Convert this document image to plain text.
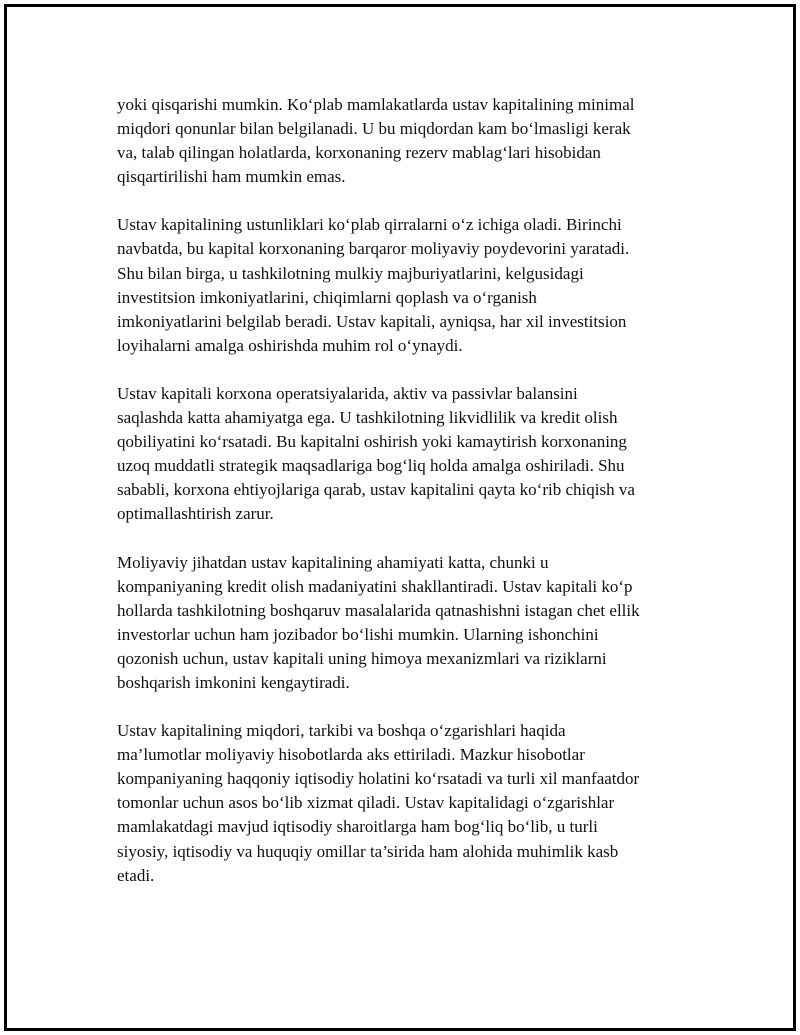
yoki qisqarishi mumkin. Ko‘plab mamlakatlarda ustav kapitalining minimal
miqdori qonunlar bilan belgilanadi. U bu miqdordan kam bo‘lmasligi kerak
va, talab qilingan holatlarda, korxonaning rezerv mablag‘lari hisobidan
qisqartirilishi ham mumkin emas.

Ustav kapitalining ustunliklari ko‘plab qirralarni o‘z ichiga oladi. Birinchi
navbatda, bu kapital korxonaning barqaror moliyaviy poydevorini yaratadi.
Shu bilan birga, u tashkilotning mulkiy majburiyatlarini, kelgusidagi
investitsion imkoniyatlarini, chiqimlarni qoplash va o‘rganish
imkoniyatlarini belgilab beradi. Ustav kapitali, ayniqsa, har xil investitsion
loyihalarni amalga oshirishda muhim rol o‘ynaydi.

Ustav kapitali korxona operatsiyalarida, aktiv va passivlar balansini
saqlashda katta ahamiyatga ega. U tashkilotning likvidlilik va kredit olish
qobiliyatini ko‘rsatadi. Bu kapitalni oshirish yoki kamaytirish korxonaning
uzoq muddatli strategik maqsadlariga bog‘liq holda amalga oshiriladi. Shu
sababli, korxona ehtiyojlariga qarab, ustav kapitalini qayta ko‘rib chiqish va
optimallashtirish zarur.

Moliyaviy jihatdan ustav kapitalining ahamiyati katta, chunki u
kompaniyaning kredit olish madaniyatini shakllantiradi. Ustav kapitali ko‘p
hollarda tashkilotning boshqaruv masalalarida qatnashishni istagan chet ellik
investorlar uchun ham jozibador bo‘lishi mumkin. Ularning ishonchini
qozonish uchun, ustav kapitali uning himoya mexanizmlari va riziklarni
boshqarish imkonini kengaytiradi.

Ustav kapitalining miqdori, tarkibi va boshqa o‘zgarishlari haqida
ma’lumotlar moliyaviy hisobotlarda aks ettiriladi. Mazkur hisobotlar
kompaniyaning haqqoniy iqtisodiy holatini ko‘rsatadi va turli xil manfaatdor
tomonlar uchun asos bo‘lib xizmat qiladi. Ustav kapitalidagi o‘zgarishlar
mamlakatdagi mavjud iqtisodiy sharoitlarga ham bog‘liq bo‘lib, u turli
siyosiy, iqtisodiy va huquqiy omillar ta’sirida ham alohida muhimlik kasb
etadi.
